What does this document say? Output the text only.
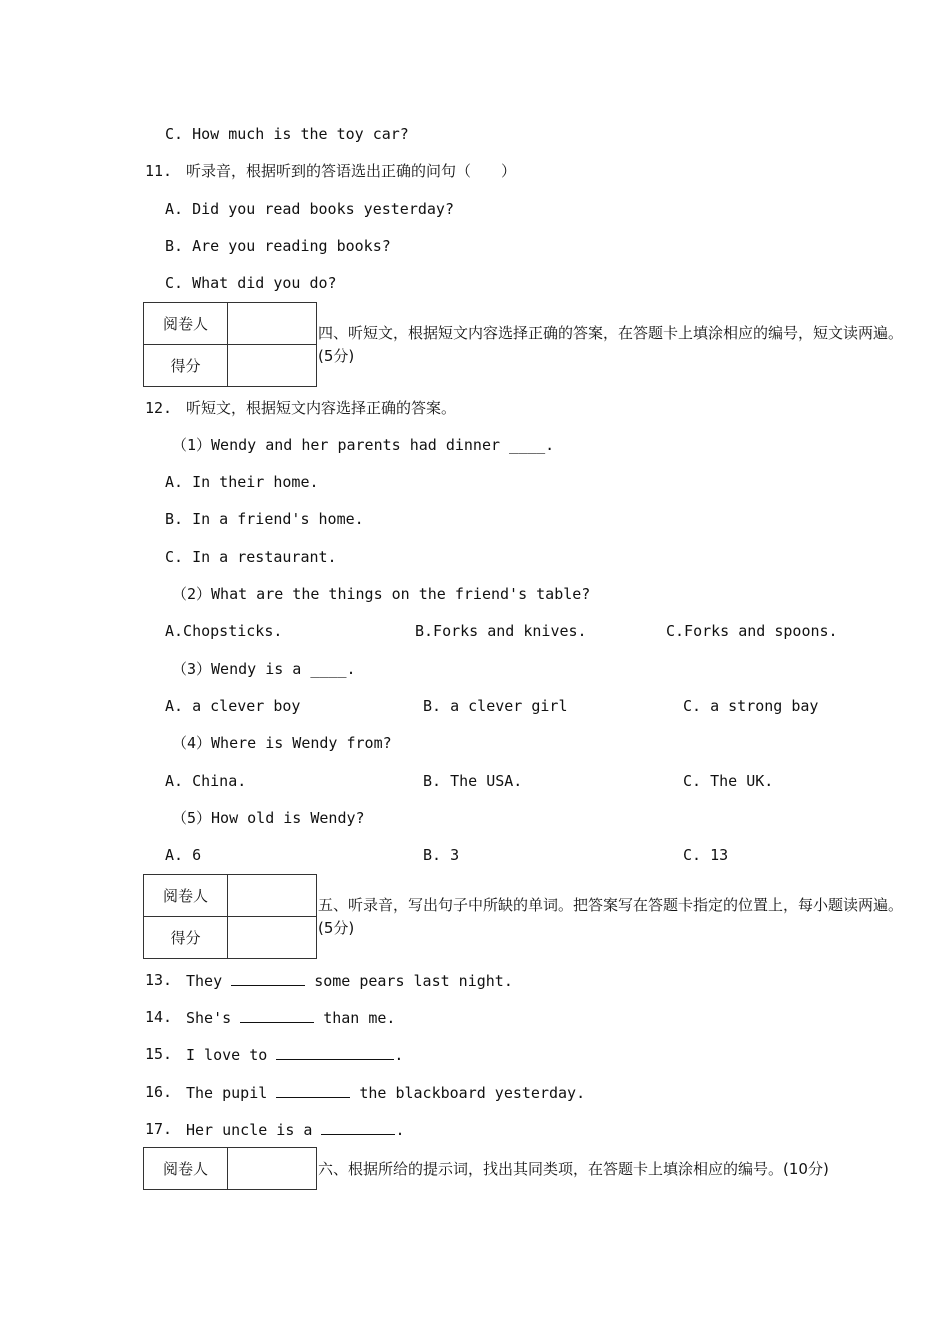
C. How much is the toy car?
11. 听录音，根据听到的答语选出正确的问句（　　）
A. Did you read books yesterday?
B. Are you reading books?
C. What did you do?
阅卷人	
得分	
四、听短文，根据短文内容选择正确的答案，在答题卡上填涂相应的编号，短文读两遍。
(5分)
12. 听短文，根据短文内容选择正确的答案。
（1）Wendy and her parents had dinner ____.
A. In their home.
B. In a friend's home.
C. In a restaurant.
（2）What are the things on the friend's table?
A.Chopsticks.	B.Forks and knives.	C.Forks and spoons.
（3）Wendy is a ____.
A. a clever boy	B. a clever girl	C. a strong bay
（4）Where is Wendy from?
A. China.	B. The USA.	C. The UK.
（5）How old is Wendy?
A. 6	B. 3	C. 13
阅卷人	
得分	
五、听录音，写出句子中所缺的单词。把答案写在答题卡指定的位置上，每小题读两遍。
(5分)
13. They	some pears last night.
14. She's	than me.
15. I love to	.
16. The pupil	the blackboard yesterday.
17. Her uncle is a	.
阅卷人		六、根据所给的提示词，找出其同类项，在答题卡上填涂相应的编号。(10分)
